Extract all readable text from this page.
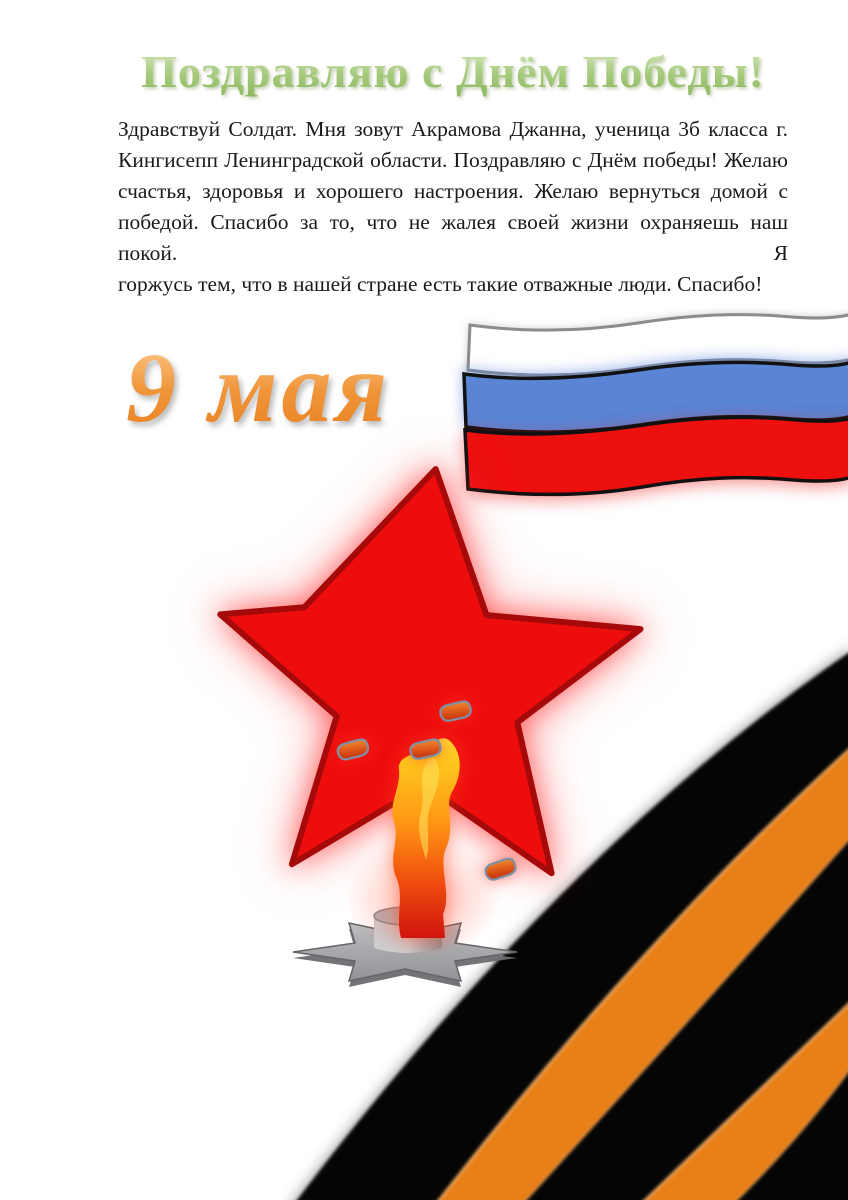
Поздравляю с Днём Победы!
Здравствуй Солдат. Мня зовут Акрамова Джанна, ученица 3б класса г.
Кингисепп Ленинградской области. Поздравляю с Днём победы! Желаю
счастья, здоровья и хорошего настроения. Желаю вернуться домой с
победой. Спасибо за то, что не жалея своей жизни охраняешь наш покой. Я
горжусь тем, что в нашей стране есть такие отважные люди. Спасибо!
9 мая
